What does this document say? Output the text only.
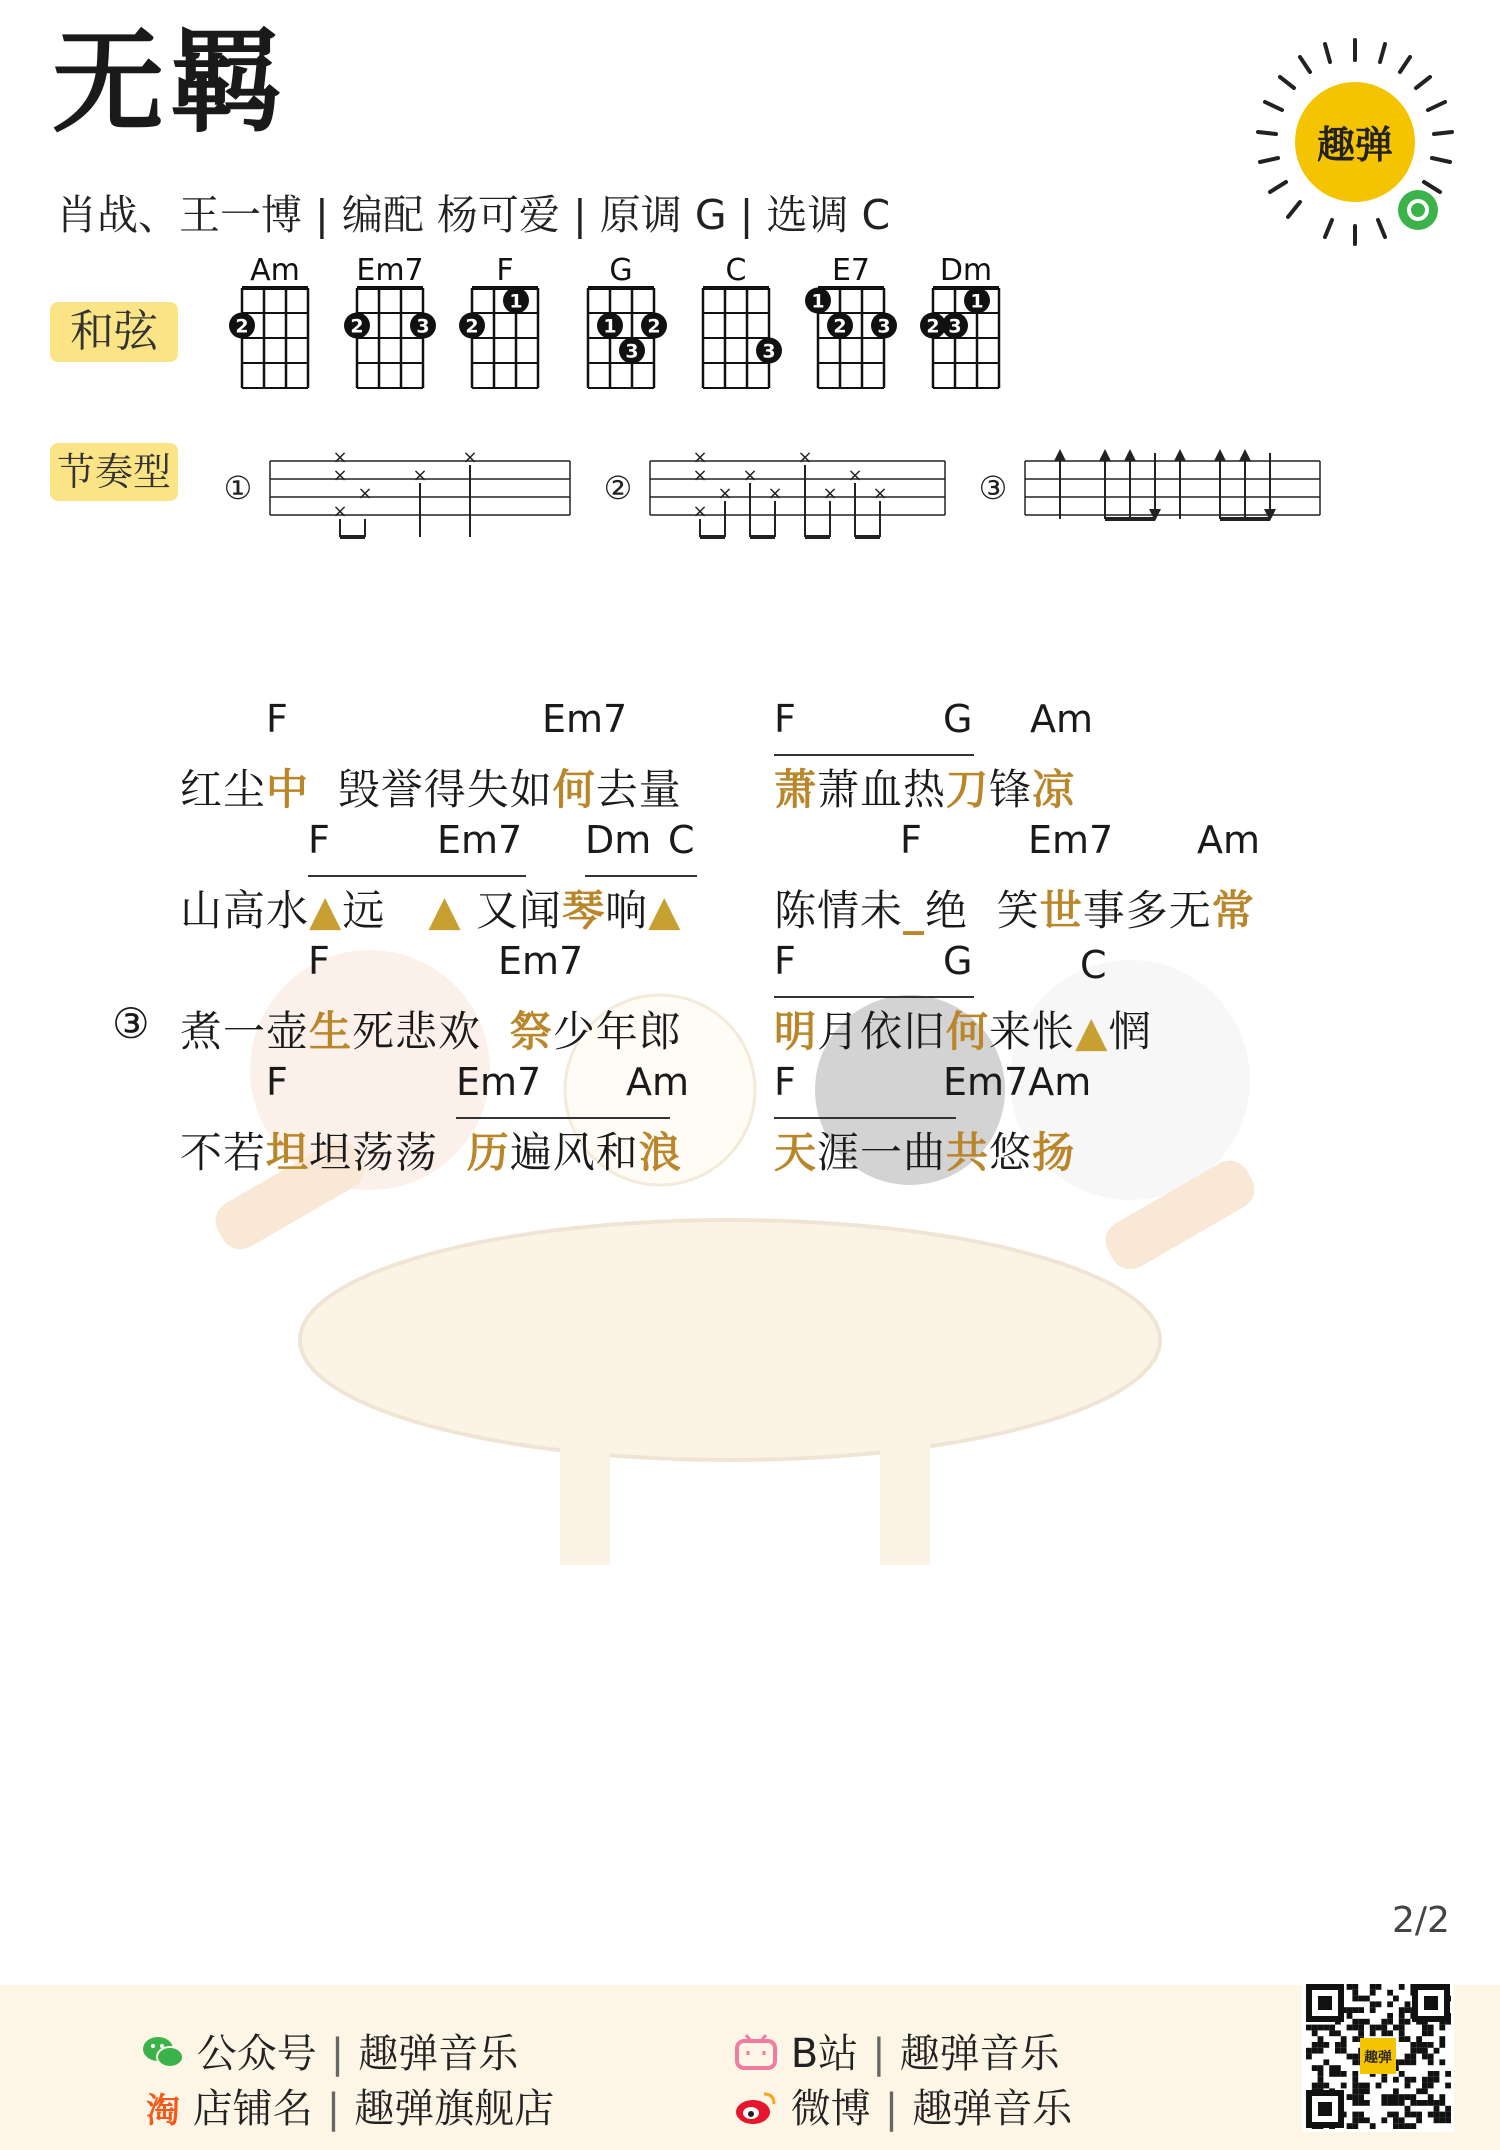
无羁
肖战、王一博 | 编配 杨可爱 | 原调 G | 选调 C
趣弹
和弦
节奏型
Am
2
Em7
2	3
F
2
1
G
1 2
3
C
3
E7
1
2 3
Dm
2 3
1
①
×
×
×
×
×
×
②
×
×
×
×
×
×
×
×
×
×	③
F	Em7
红尘中  毁誉得失如何去量
F	Em7 Dm C
山高水▲远   ▲ 又闻琴响▲
F	Em7
③ 煮一壶生死悲欢  祭少年郎
F	Em7 Am
不若坦坦荡荡  历遍风和浪
F	G Am
萧萧血热刀锋凉
F	Em7 Am
陈情未_绝  笑世事多无常
F	G	C
明月依旧何来怅▲惘
F	Em7Am
天涯一曲共悠扬
2/2
公众号 | 趣弹音乐
淘 店铺名 | 趣弹旗舰店
B站 | 趣弹音乐
微博 | 趣弹音乐
趣弹
